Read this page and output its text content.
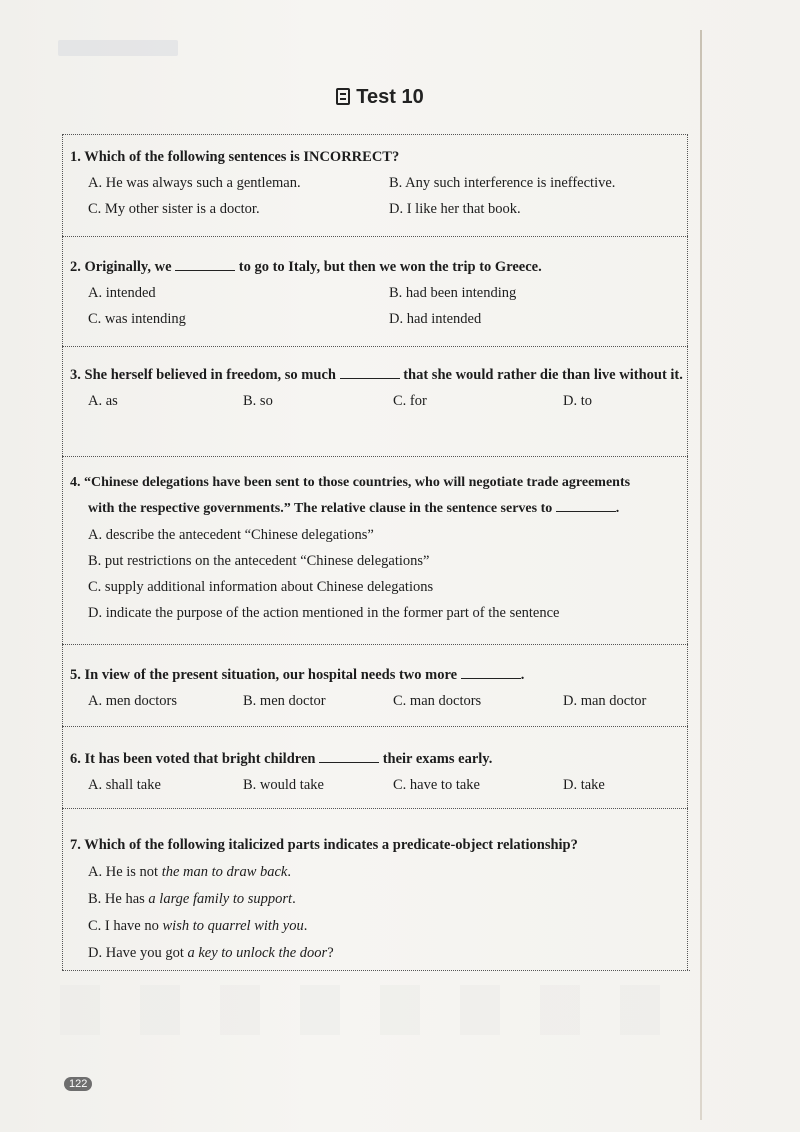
Test 10
1. Which of the following sentences is INCORRECT?
A. He was always such a gentleman.	B. Any such interference is ineffective.
C. My other sister is a doctor.	D. I like her that book.
2. Originally, we	to go to Italy, but then we won the trip to Greece.
A. intended	B. had been intending
C. was intending	D. had intended
3. She herself believed in freedom, so much	that she would rather die than live without it.
A. as	B. so	C. for	D. to
4. “Chinese delegations have been sent to those countries, who will negotiate trade agreements
with the respective governments.” The relative clause in the sentence serves to	.
A. describe the antecedent “Chinese delegations”
B. put restrictions on the antecedent “Chinese delegations”
C. supply additional information about Chinese delegations
D. indicate the purpose of the action mentioned in the former part of the sentence
5. In view of the present situation, our hospital needs two more	.
A. men doctors	B. men doctor	C. man doctors	D. man doctor
6. It has been voted that bright children	their exams early.
A. shall take	B. would take	C. have to take	D. take
7. Which of the following italicized parts indicates a predicate-object relationship?
A. He is not the man to draw back.
B. He has a large family to support.
C. I have no wish to quarrel with you.
D. Have you got a key to unlock the door?
122
